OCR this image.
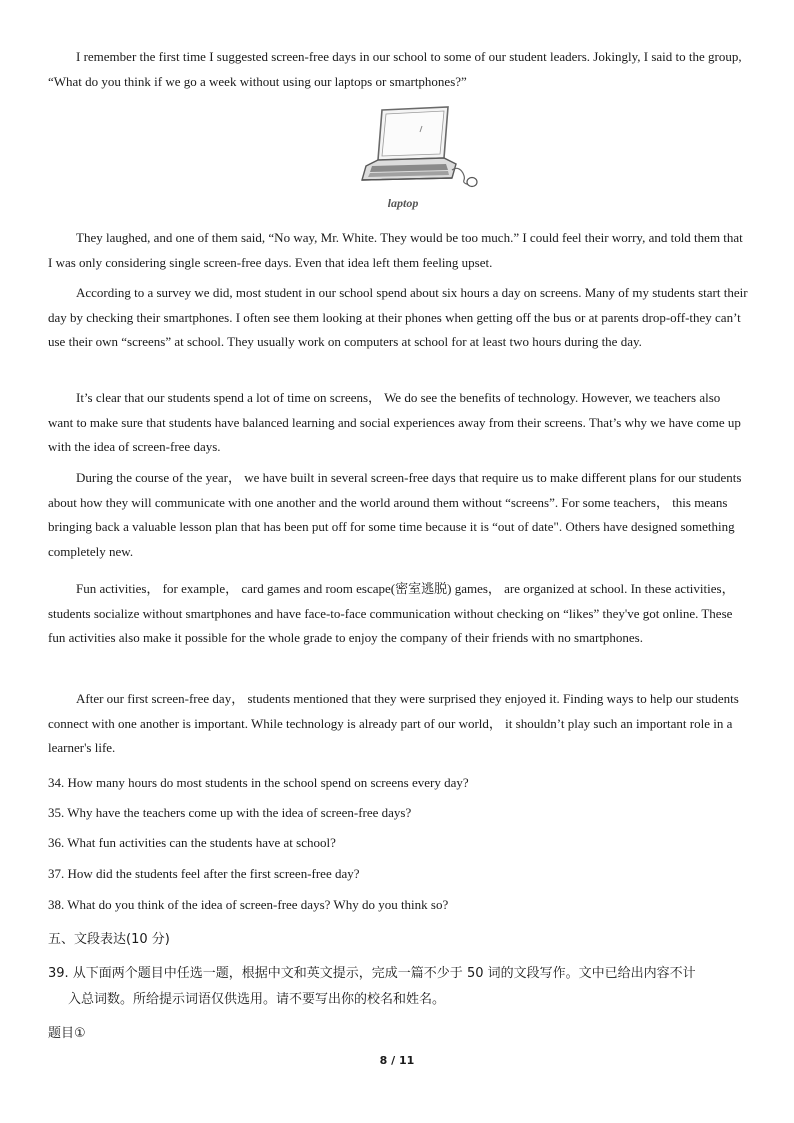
I remember the first time I suggested screen-free days in our school to some of our student leaders. Jokingly, I said to the group, “What do you think if we go a week without using our laptops or smartphones?”

laptop

They laughed, and one of them said, “No way, Mr. White. They would be too much.” I could feel their worry, and told them that I was only considering single screen-free days. Even that idea left them feeling upset.

According to a survey we did, most student in our school spend about six hours a day on screens. Many of my students start their day by checking their smartphones. I often see them looking at their phones when getting off the bus or at parents drop-off-they can’t use their own “screens” at school. They usually work on computers at school for at least two hours during the day.

It’s clear that our students spend a lot of time on screens， We do see the benefits of technology. However, we teachers also want to make sure that students have balanced learning and social experiences away from their screens. That’s why we have come up with the idea of screen-free days.

During the course of the year， we have built in several screen-free days that require us to make different plans for our students about how they will communicate with one another and the world around them without “screens”. For some teachers， this means bringing back a valuable lesson plan that has been put off for some time because it is “out of date". Others have designed something completely new.

Fun activities， for example， card games and room escape(密室逃脱) games， are organized at school. In these activities， students socialize without smartphones and have face-to-face communication without checking on “likes” they've got online. These fun activities also make it possible for the whole grade to enjoy the company of their friends with no smartphones.

After our first screen-free day， students mentioned that they were surprised they enjoyed it. Finding ways to help our students connect with one another is important. While technology is already part of our world， it shouldn’t play such an important role in a learner's life.

34. How many hours do most students in the school spend on screens every day?

35. Why have the teachers come up with the idea of screen-free days?

36. What fun activities can the students have at school?

37. How did the students feel after the first screen-free day?

38. What do you think of the idea of screen-free days? Why do you think so?

五、文段表达(10 分)

39. 从下面两个题目中任选一题，根据中文和英文提示，完成一篇不少于 50 词的文段写作。文中已给出内容不计

入总词数。所给提示词语仅供选用。请不要写出你的校名和姓名。

题目①

8 / 11
